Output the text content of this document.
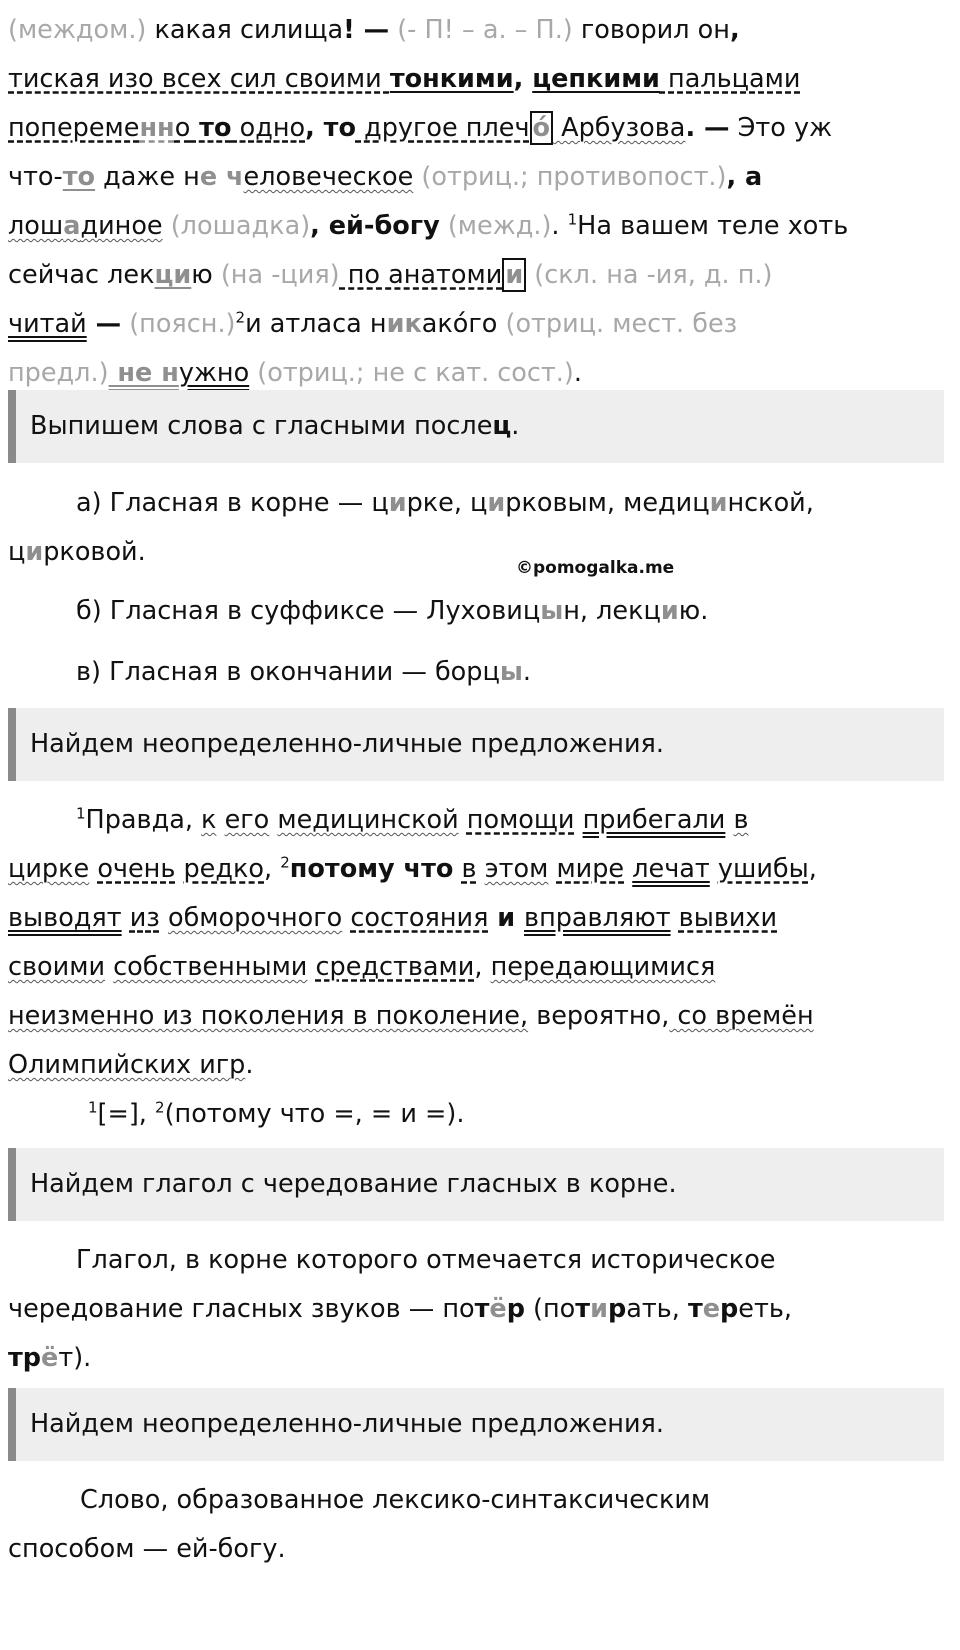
(междом.) какая силища! — (- П! – а. – П.) говорил он,
тиская изо всех сил своими тонкими, цепкими пальцами
попеременно то одно, то другое плеч о́ Арбузова. — Это уж
что-то даже не человеческое (отриц.; противопост.), а
лошадиное (лошадка), ей-богу (межд.). $^1$На вашем теле хоть
сейчас лекцию (на -ция) по анатоми и (скл. на -ия, д. п.)
читай — (поясн.)$^2$и атласа никако́го (отриц. мест. без
предл.) не нужно (отриц.; не с кат. сост.).
Выпишем слова с гласными после ц .
а) Гласная в корне — цирке, цирковым, медицинской, цирковой.
©pomogalka.me
б) Гласная в суффиксе — Луховицын, лекцию.
в) Гласная в окончании — борцы.
Найдем неопределенно-личные предложения.
$^1$Правда, к его медицинской помощи прибегали в
цирке очень редко, $^2$потому что в этом мире лечат ушибы,
выводят из обморочного состояния и вправляют вывихи
своими собственными средствами, передающимися
неизменно из поколения в поколение, вероятно, со времён
Олимпийских игр.
$^1$[=], $^2$(потому что =, = и =).
Найдем глагол с чередование гласных в корне.
Глагол, в корне которого отмечается историческое
чередование гласных звуков — потёр (потирать, тереть,
трёт).
Найдем неопределенно-личные предложения.
Слово, образованное лексико-синтаксическим
способом — ей-богу.
